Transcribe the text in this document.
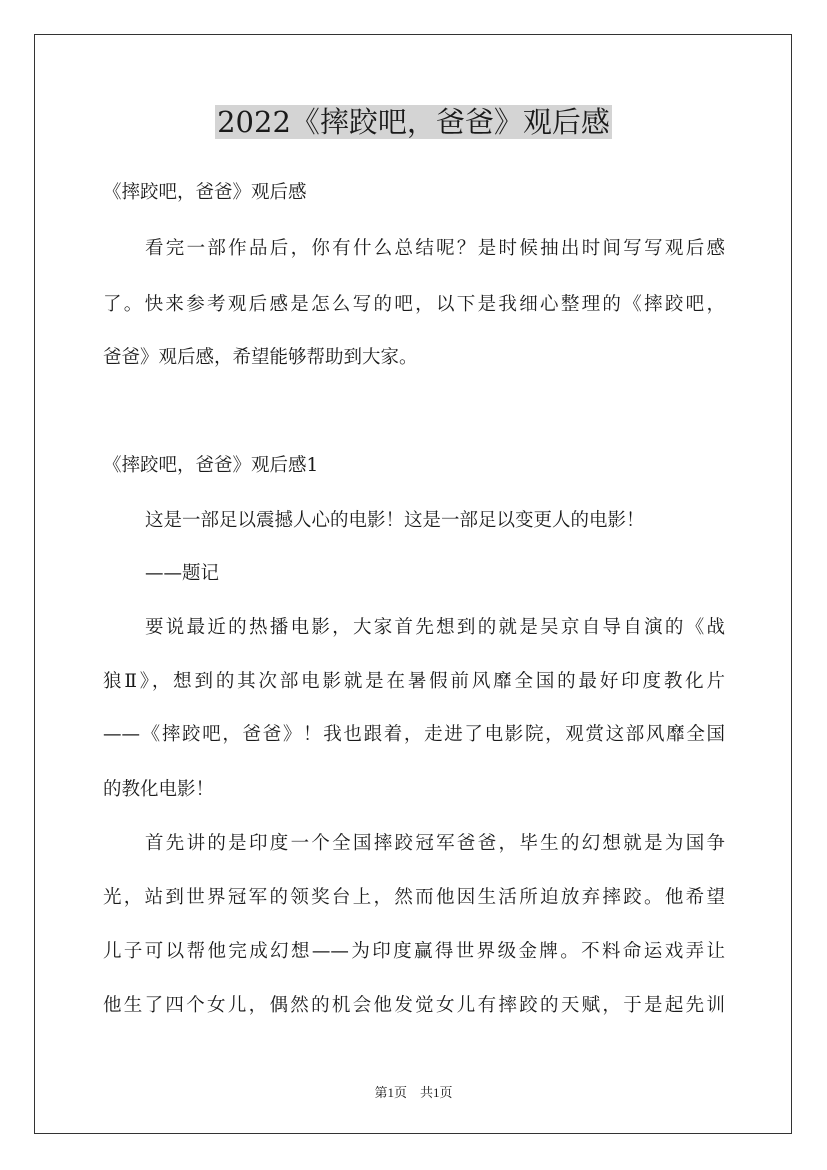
2022《摔跤吧，爸爸》观后感
《摔跤吧，爸爸》观后感
看完一部作品后，你有什么总结呢？是时候抽出时间写写观后感
了。快来参考观后感是怎么写的吧，以下是我细心整理的《摔跤吧，
爸爸》观后感，希望能够帮助到大家。
《摔跤吧，爸爸》观后感1
这是一部足以震撼人心的电影！这是一部足以变更人的电影！
——题记
要说最近的热播电影，大家首先想到的就是吴京自导自演的《战
狼Ⅱ》，想到的其次部电影就是在暑假前风靡全国的最好印度教化片
——《摔跤吧，爸爸》！我也跟着，走进了电影院，观赏这部风靡全国
的教化电影！
首先讲的是印度一个全国摔跤冠军爸爸，毕生的幻想就是为国争
光，站到世界冠军的领奖台上，然而他因生活所迫放弃摔跤。他希望
儿子可以帮他完成幻想——为印度赢得世界级金牌。不料命运戏弄让
他生了四个女儿，偶然的机会他发觉女儿有摔跤的天赋，于是起先训
第1页　共1页
